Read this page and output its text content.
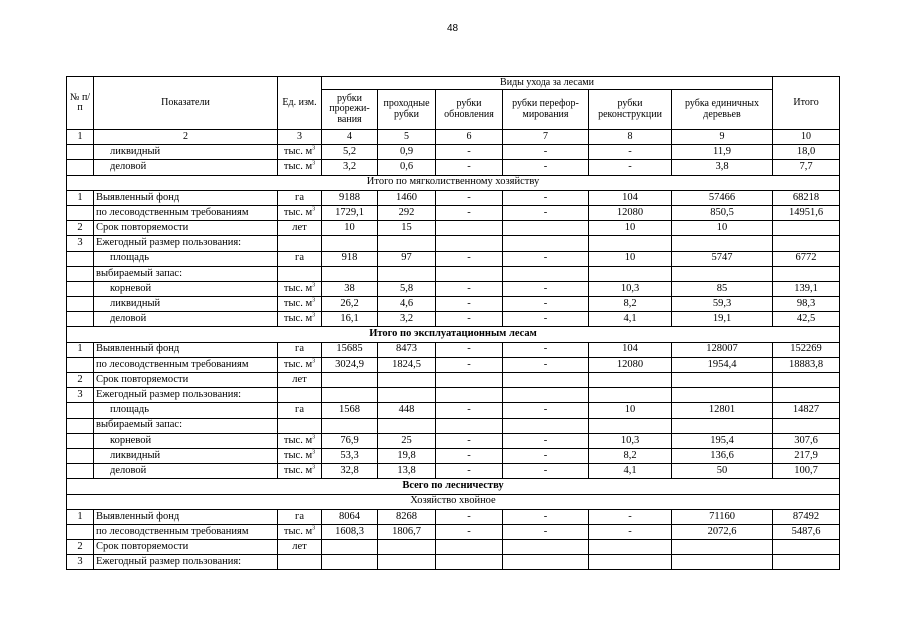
48
№ п/п	Показатели	Ед. изм.	Виды ухода за лесами						Итого
			рубки прорежи-вания	проходные рубки	рубки обновления	рубки перефор-мирования	рубки реконструкции	рубка единичных деревьев	
1	2	3	4	5	6	7	8	9	10
	ликвидный	тыс. $м^3$	5,2	0,9	-	-	-	11,9	18,0
	деловой	тыс. $м^3$	3,2	0,6	-	-	-	3,8	7,7
Итого по мягколиственному хозяйству									
1	Выявленный фонд	га	9188	1460	-	-	104	57466	68218
	по лесоводственным требованиям	тыс. $м^3$	1729,1	292	-	-	12080	850,5	14951,6
2	Срок повторяемости	лет	10	15			10	10	
3	Ежегодный размер пользования:								
	площадь	га	918	97	-	-	10	5747	6772
	выбираемый запас:								
	корневой	тыс. $м^3$	38	5,8	-	-	10,3	85	139,1
	ликвидный	тыс. $м^3$	26,2	4,6	-	-	8,2	59,3	98,3
	деловой	тыс. $м^3$	16,1	3,2	-	-	4,1	19,1	42,5
Итого по эксплуатационным лесам									
1	Выявленный фонд	га	15685	8473	-	-	104	128007	152269
	по лесоводственным требованиям	тыс. $м^3$	3024,9	1824,5	-	-	12080	1954,4	18883,8
2	Срок повторяемости	лет							
3	Ежегодный размер пользования:								
	площадь	га	1568	448	-	-	10	12801	14827
	выбираемый запас:								
	корневой	тыс. $м^3$	76,9	25	-	-	10,3	195,4	307,6
	ликвидный	тыс. $м^3$	53,3	19,8	-	-	8,2	136,6	217,9
	деловой	тыс. $м^3$	32,8	13,8	-	-	4,1	50	100,7
Всего по лесничеству									
Хозяйство хвойное									
1	Выявленный фонд	га	8064	8268	-	-	-	71160	87492
	по лесоводственным требованиям	тыс. $м^3$	1608,3	1806,7	-	-	-	2072,6	5487,6
2	Срок повторяемости	лет							
3	Ежегодный размер пользования:								
